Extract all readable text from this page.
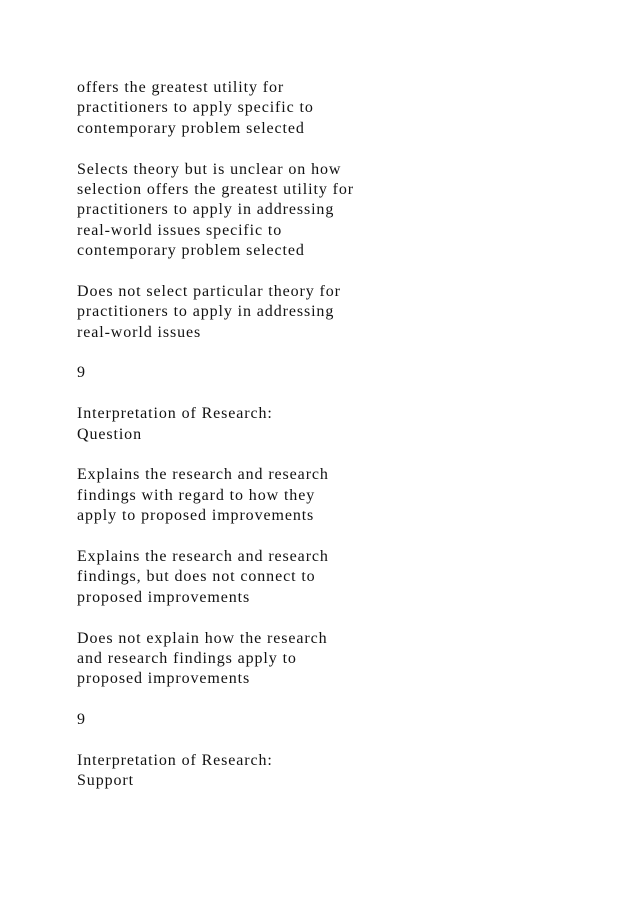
offers the greatest utility for
practitioners to apply specific to
contemporary problem selected
Selects theory but is unclear on how
selection offers the greatest utility for
practitioners to apply in addressing
real-world issues specific to
contemporary problem selected
Does not select particular theory for
practitioners to apply in addressing
real-world issues
9
Interpretation of Research:
Question
Explains the research and research
findings with regard to how they
apply to proposed improvements
Explains the research and research
findings, but does not connect to
proposed improvements
Does not explain how the research
and research findings apply to
proposed improvements
9
Interpretation of Research:
Support
